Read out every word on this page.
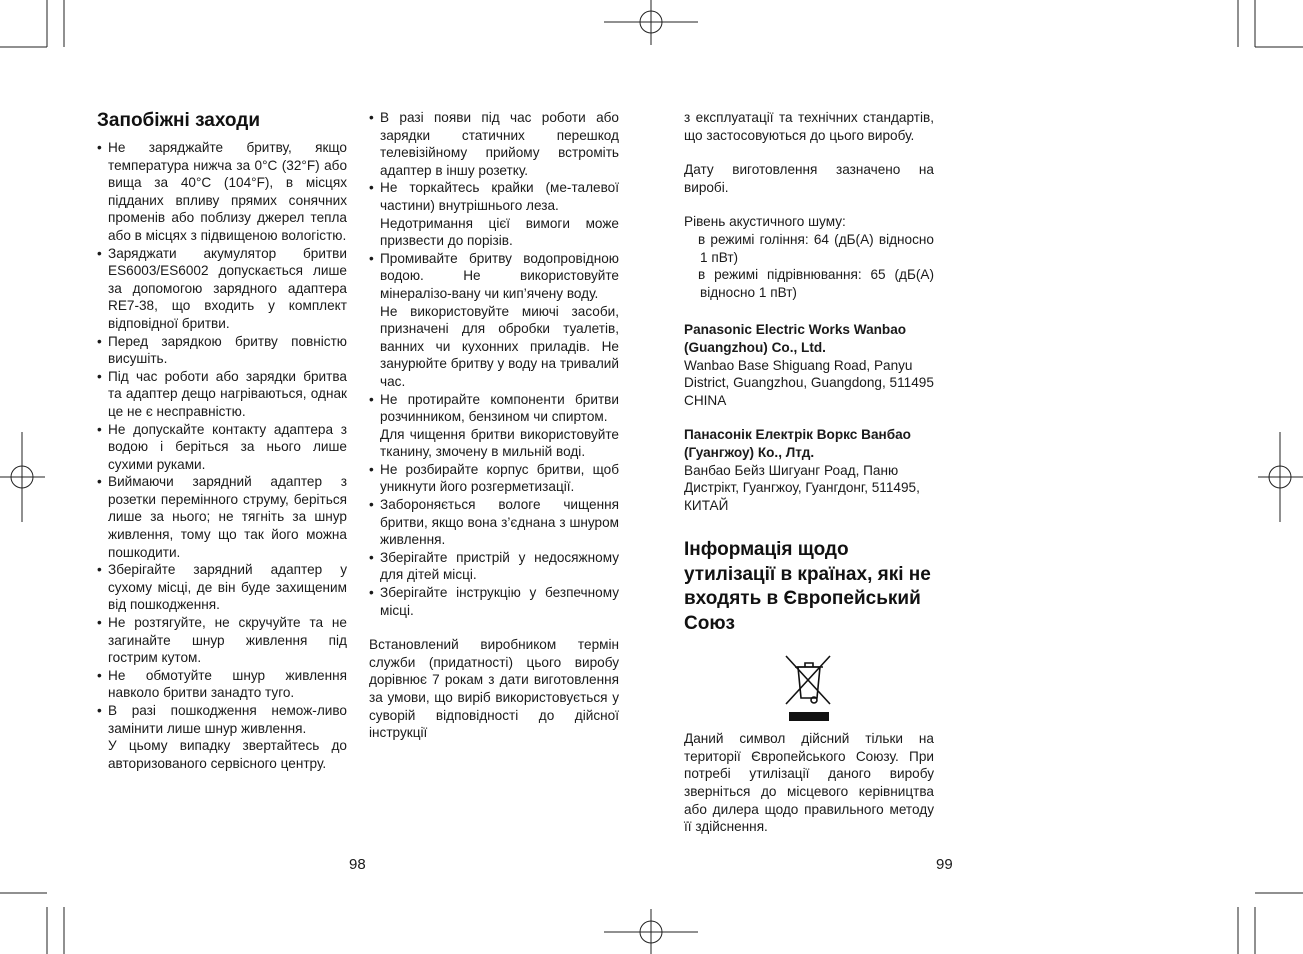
Запобіжні заходи
• Не заряджайте бритву, якщо температура нижча за 0°C (32°F) або вища за 40°C (104°F), в місцях підданих впливу прямих сонячних променів або поблизу джерел тепла або в місцях з підвищеною вологістю.
• Заряджати акумулятор бритви ES6003/ES6002 допускається лише за допомогою зарядного адаптера RE7-38, що входить у комплект відповідної бритви.
• Перед зарядкою бритву повністю висушіть.
• Під час роботи або зарядки бритва та адаптер дещо нагріваються, однак це не є несправністю.
• Не допускайте контакту адаптера з водою і беріться за нього лише сухими руками.
• Виймаючи зарядний адаптер з розетки перемінного струму, беріться лише за нього; не тягніть за шнур живлення, тому що так його можна пошкодити.
• Зберігайте зарядний адаптер у сухому місці, де він буде захищеним від пошкодження.
• Не розтягуйте, не скручуйте та не загинайте шнур живлення під гострим кутом.
• Не обмотуйте шнур живлення навколо бритви занадто туго.
• В разі пошкодження немож-ливо замінити лише шнур живлення.
У цьому випадку звертайтесь до авторизованого сервісного центру.
• В разі появи під час роботи або зарядки статичних перешкод телевізійному прийому встроміть адаптер в іншу розетку.
• Не торкайтесь крайки (ме-талевої частини) внутрішнього леза.
Недотримання цієї вимоги може призвести до порізів.
• Промивайте бритву водопровідною водою. Не використовуйте мінералізо-вану чи кип’ячену воду.
Не використовуйте миючі засоби, призначені для обробки туалетів, ванних чи кухонних приладів. Не занурюйте бритву у воду на тривалий час.
• Не протирайте компоненти бритви розчинником, бензином чи спиртом.
Для чищення бритви використовуйте тканину, змочену в мильній воді.
• Не розбирайте корпус бритви, щоб уникнути його розгерметизації.
• Забороняється вологе чищення бритви, якщо вона з’єднана з шнуром живлення.
• Зберігайте пристрій у недосяжному для дітей місці.
• Зберігайте інструкцію у безпечному місці.

Встановлений виробником термін служби (придатності) цього виробу дорівнює 7 рокам з дати виготовлення за умови, що виріб використовується у суворій відповідності до дійсної інструкції

98

з експлуатації та технічних стандартів, що застосовуються до цього виробу.

Дату виготовлення зазначено на виробі.

Рівень акустичного шуму:

в режимі гоління: 64 (дБ(А) відносно 1 пВт)

в режимі підрівнювання: 65 (дБ(А) відносно 1 пВт)

Panasonic Electric Works Wanbao (Guangzhou) Co., Ltd.
Wanbao Base Shiguang Road, Panyu District, Guangzhou, Guangdong, 511495 CHINA
Панасонік Електрік Воркс Ванбао (Гуангжоу) Ко., Лтд.
Ванбао Бейз Шигуанг Роад, Паню Дистрікт, Гуангжоу, Гуангдонг, 511495, КИТАЙ
Інформація щодо утилізації в країнах, які не входять в Європейський Союз

Даний символ дійсний тільки на території Європейського Союзу. При потребі утилізації даного виробу зверніться до місцевого керівництва або дилера щодо правильного методу її здійснення.

99
